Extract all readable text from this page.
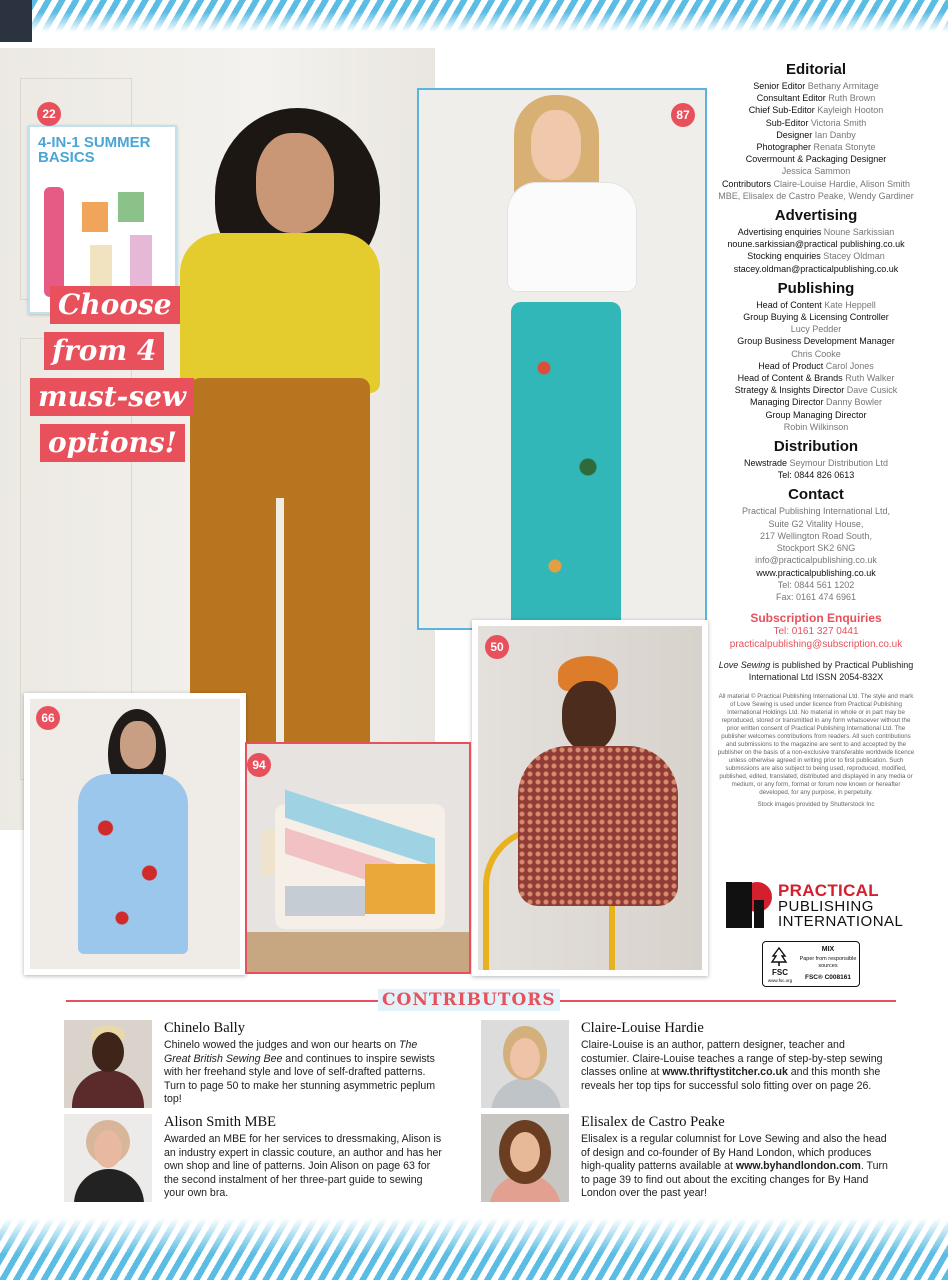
4-IN-1 SUMMER BASICS
22
Choose
from 4
must-sew
options!
87
50
66
94
Editorial

Senior Editor Bethany Armitage

Consultant Editor Ruth Brown

Chief Sub-Editor Kayleigh Hooton

Sub-Editor Victoria Smith

Designer Ian Danby

Photographer Renata Stonyte

Covermount & Packaging Designer

Jessica Sammon

Contributors Claire-Louise Hardie, Alison Smith MBE, Elisalex de Castro Peake, Wendy Gardiner

Advertising

Advertising enquiries Noune Sarkissian

noune.sarkissian@practical publishing.co.uk

Stocking enquiries Stacey Oldman

stacey.oldman@practicalpublishing.co.uk

Publishing

Head of Content Kate Heppell

Group Buying & Licensing Controller

Lucy Pedder

Group Business Development Manager

Chris Cooke

Head of Product Carol Jones

Head of Content & Brands Ruth Walker

Strategy & Insights Director Dave Cusick

Managing Director Danny Bowler

Group Managing Director

Robin Wilkinson

Distribution

Newstrade Seymour Distribution Ltd

Tel: 0844 826 0613

Contact

Practical Publishing International Ltd,

Suite G2 Vitality House,

217 Wellington Road South,

Stockport SK2 6NG

info@practicalpublishing.co.uk

www.practicalpublishing.co.uk

Tel: 0844 561 1202

Fax: 0161 474 6961

Subscription Enquiries
Tel: 0161 327 0441
practicalpublishing@subscription.co.uk
Love Sewing is published by Practical Publishing International Ltd ISSN 2054-832X

All material © Practical Publishing International Ltd. The style and mark of Love Sewing is used under licence from Practical Publishing International Holdings Ltd. No material in whole or in part may be reproduced, stored or transmitted in any form whatsoever without the prior written consent of Practical Publishing International Ltd. The publisher welcomes contributions from readers. All such contributions and submissions to the magazine are sent to and accepted by the publisher on the basis of a non-exclusive transferable worldwide licence unless otherwise agreed in writing prior to first publication. Such submissions are also subject to being used, reproduced, modified, published, edited, translated, distributed and displayed in any media or medium, or any form, format or forum now known or hereafter developed, for any purpose, in perpetuity.

Stock images provided by Shutterstock Inc

PRACTICAL
PUBLISHING
INTERNATIONAL
FSC
www.fsc.org
MIX
Paper from responsible sources
FSC® C008161
CONTRIBUTORS
Chinelo Bally
Chinelo wowed the judges and won our hearts on The Great British Sewing Bee and continues to inspire sewists with her freehand style and love of self-drafted patterns. Turn to page 50 to make her stunning asymmetric peplum top!
Alison Smith MBE
Awarded an MBE for her services to dressmaking, Alison is an industry expert in classic couture, an author and has her own shop and line of patterns. Join Alison on page 63 for the second instalment of her three-part guide to sewing your own bra.
Claire-Louise Hardie
Claire-Louise is an author, pattern designer, teacher and costumier. Claire-Louise teaches a range of step-by-step sewing classes online at www.thriftystitcher.co.uk and this month she reveals her top tips for successful solo fitting over on page 26.
Elisalex de Castro Peake
Elisalex is a regular columnist for Love Sewing and also the head of design and co-founder of By Hand London, which produces high-quality patterns available at www.byhandlondon.com. Turn to page 39 to find out about the exciting changes for By Hand London over the past year!
